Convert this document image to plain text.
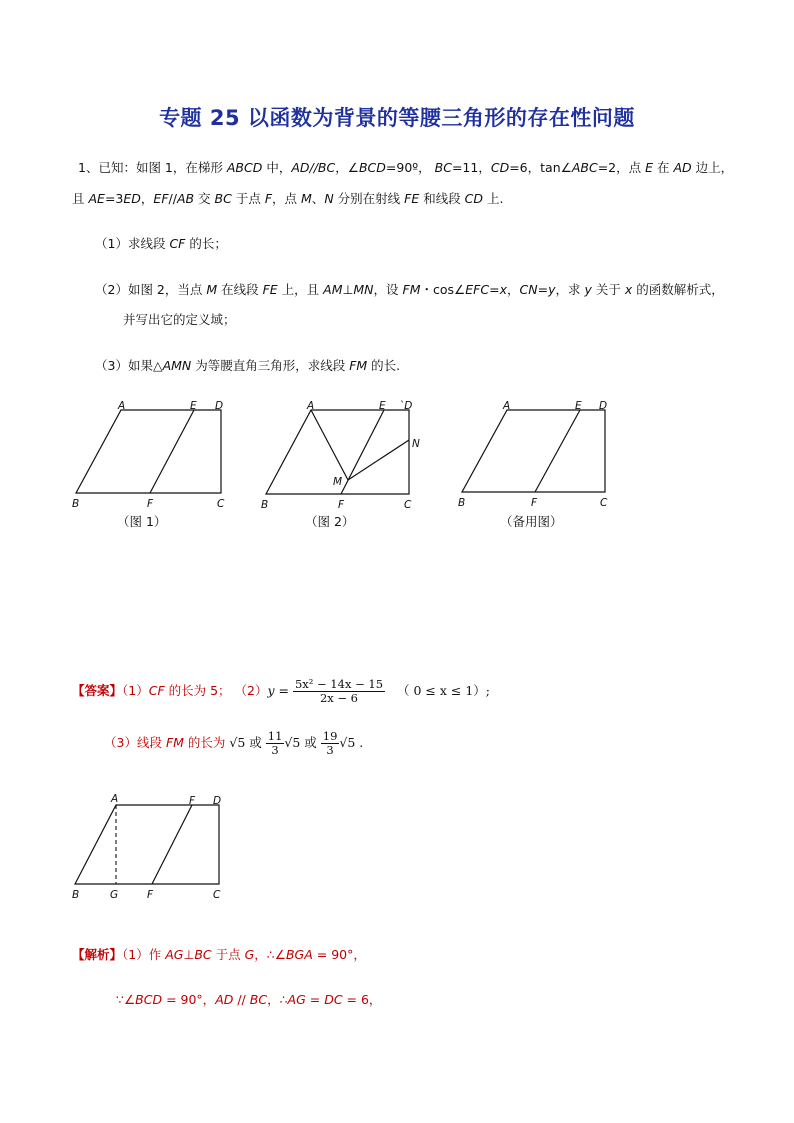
专题 25 以函数为背景的等腰三角形的存在性问题
1、已知：如图 1，在梯形 ABCD 中，AD//BC，∠BCD=90º， BC=11，CD=6，tan∠ABC=2，点 E 在 AD 边上，
且 AE=3ED，EF//AB 交 BC 于点 F，点 M、N 分别在射线 FE 和线段 CD 上.
（1）求线段 CF 的长；
（2）如图 2，当点 M 在线段 FE 上，且 AM⊥MN，设 FM・cos∠EFC=x，CN=y，求 y 关于 x 的函数解析式，
并写出它的定义域；
（3）如果△AMN 为等腰直角三角形，求线段 FM 的长.
A	E D
B	F	C
（图 1）
A	E `D
N
M
B	F	C
（图 2）
A	E D
B	F	C
（备用图）
【答案】（1）CF 的长为 5； $(2)y = \frac{\text{5x² − 14x − 15}}{2x - 6}$ （ 0 ≤ x ≤ 1）;
（3）线段 FM 的长为 √5 或 $\frac{11}{3} √5$ 或 $\frac{19}{3} √5$ .
A	F D
B	G	F	C
【解析】（1）作 AG⊥BC 于点 G，∴∠BGA = 90°，
∵∠BCD = 90°，AD // BC，∴AG = DC = 6，
